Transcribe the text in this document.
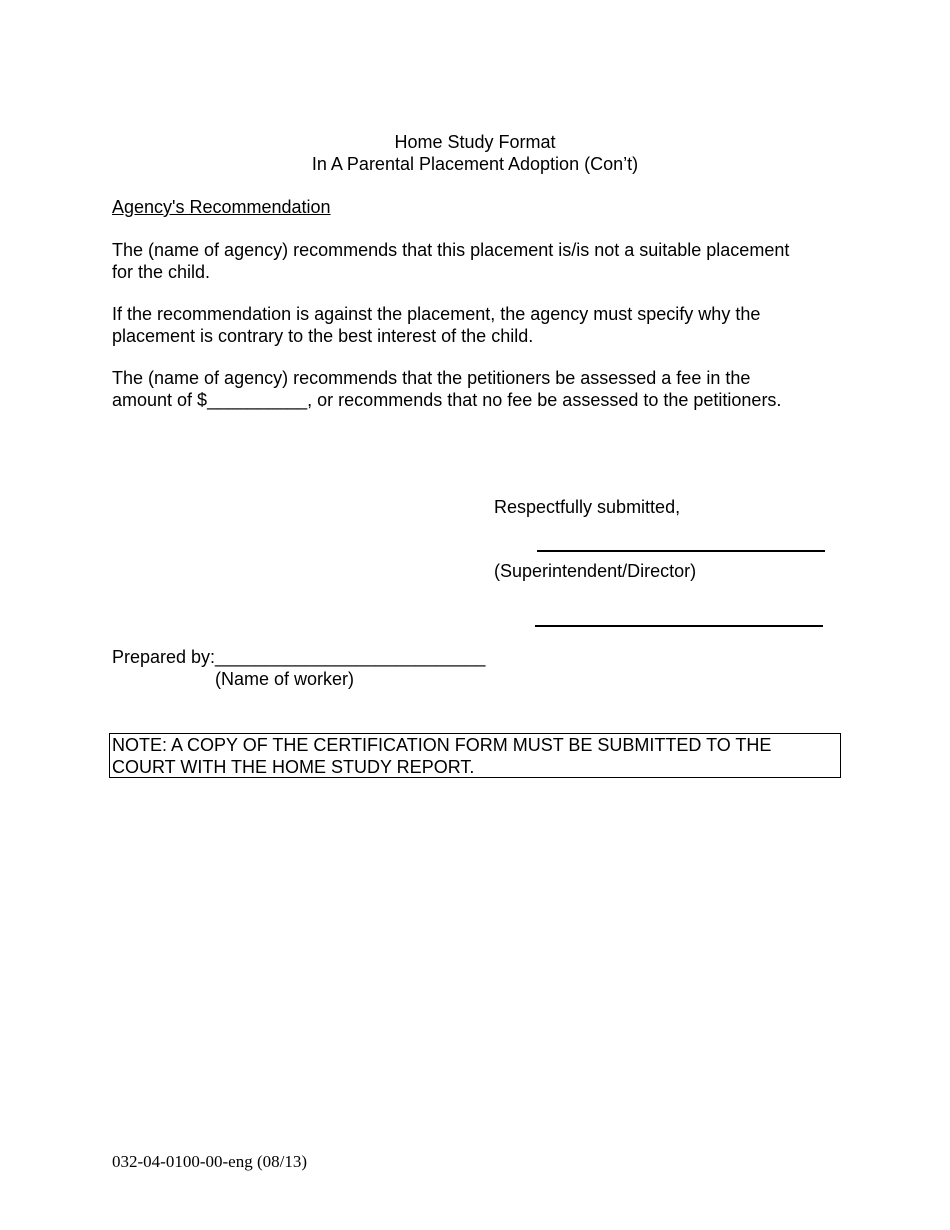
Home Study Format
In A Parental Placement Adoption (Con’t)
Agency's Recommendation
The (name of agency) recommends that this placement is/is not a suitable placement
for the child.
If the recommendation is against the placement, the agency must specify why the
placement is contrary to the best interest of the child.
The (name of agency) recommends that the petitioners be assessed a fee in the
amount of $__________, or recommends that no fee be assessed to the petitioners.
Respectfully submitted,
(Superintendent/Director)
Prepared by:___________________________
(Name of worker)
NOTE: A COPY OF THE CERTIFICATION FORM MUST BE SUBMITTED TO THE
COURT WITH THE HOME STUDY REPORT.
032-04-0100-00-eng (08/13)
